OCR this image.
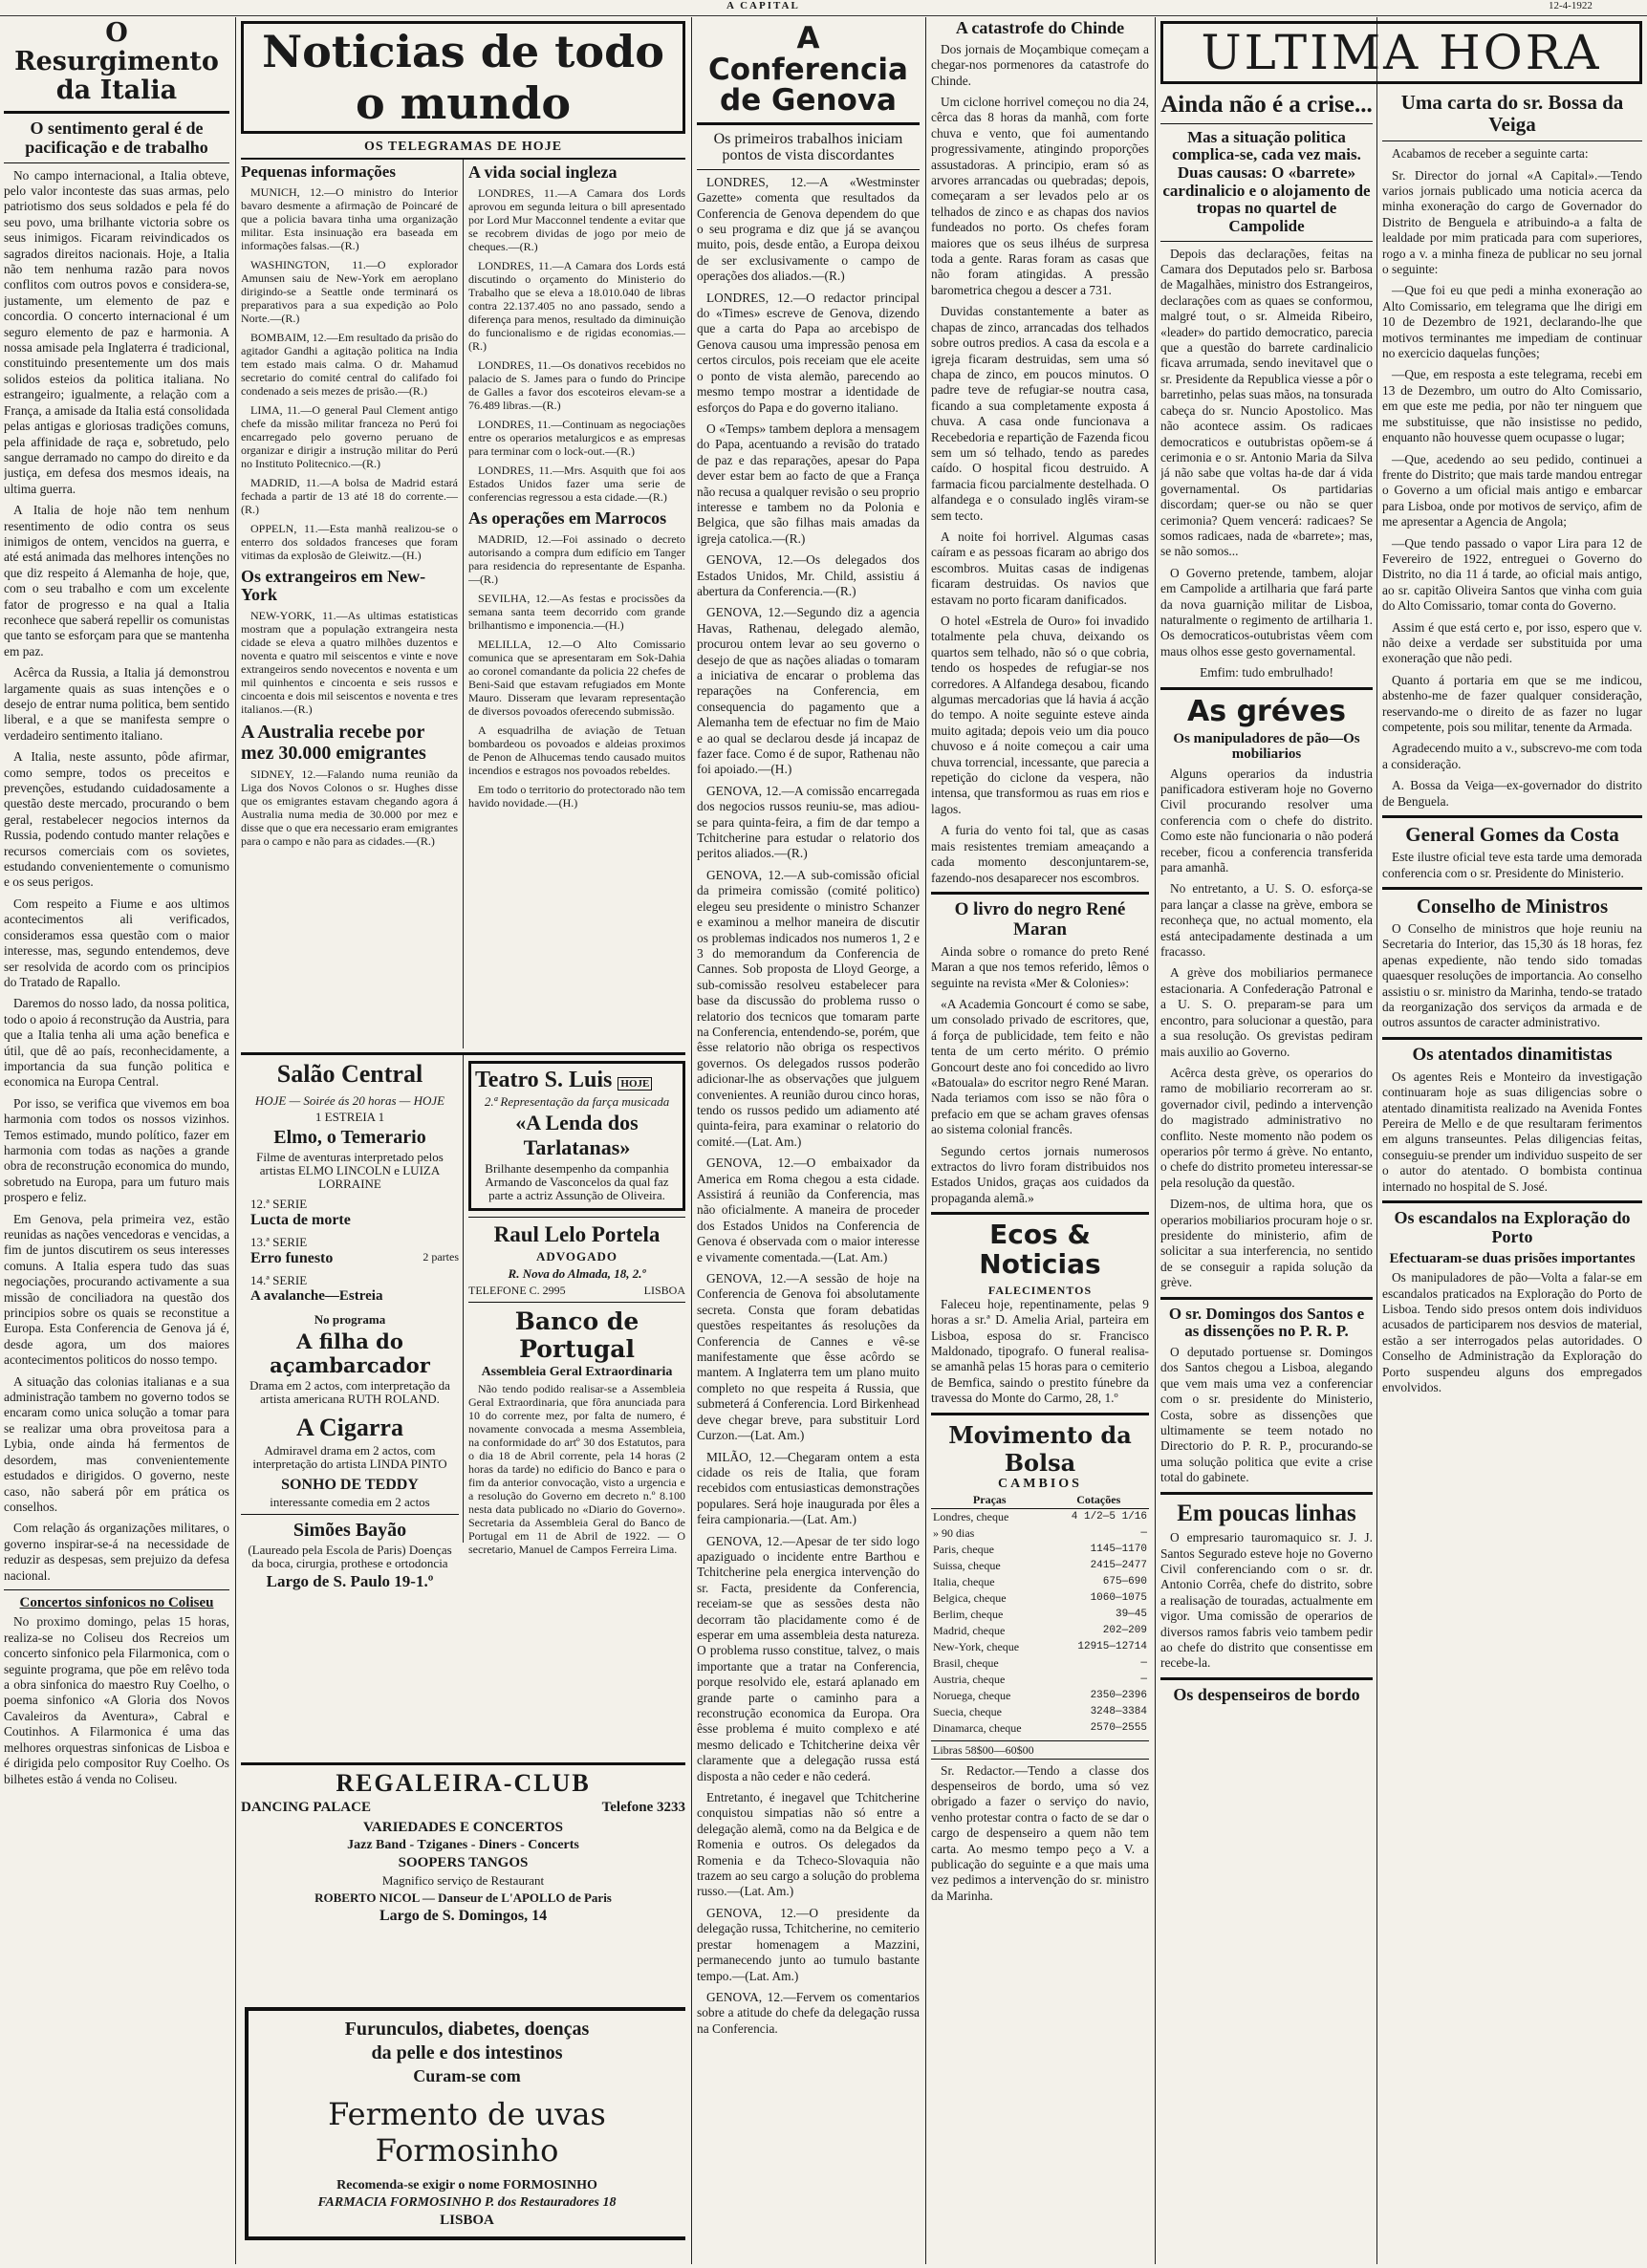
A CAPITAL	12-4-1922
O Resurgimento da Italia
O sentimento geral é de pacificação e de trabalho

No campo internacional, a Italia obteve, pelo valor inconteste das suas armas, pelo patriotismo dos seus soldados e pela fé do seu povo, uma brilhante victoria sobre os seus inimigos. Ficaram reivindicados os sagrados direitos nacionais. Hoje, a Italia não tem nenhuma razão para novos conflitos com outros povos e considera-se, justamente, um elemento de paz e concordia. O concerto internacional é um seguro elemento de paz e harmonia. A nossa amisade pela Inglaterra é tradicional, constituindo presentemente um dos mais solidos esteios da politica italiana. No estrangeiro; igualmente, a relação com a França, a amisade da Italia está consolidada pelas antigas e gloriosas tradições comuns, pela affinidade de raça e, sobretudo, pelo sangue derramado no campo do direito e da justiça, em defesa dos mesmos ideais, na ultima guerra.

A Italia de hoje não tem nenhum resentimento de odio contra os seus inimigos de ontem, vencidos na guerra, e até está animada das melhores intenções no que diz respeito á Alemanha de hoje, que, com o seu trabalho e com um excelente fator de progresso e na qual a Italia reconhece que saberá repellir os comunistas que tanto se esforçam para que se mantenha em paz.

Acêrca da Russia, a Italia já demonstrou largamente quais as suas intenções e o desejo de entrar numa politica, bem sentido liberal, e a que se manifesta sempre o verdadeiro sentimento italiano.

A Italia, neste assunto, pôde afirmar, como sempre, todos os preceitos e prevenções, estudando cuidadosamente a questão deste mercado, procurando o bem geral, restabelecer negocios internos da Russia, podendo contudo manter relações e recursos comerciais com os sovietes, estudando convenientemente o comunismo e os seus perigos.

Com respeito a Fiume e aos ultimos acontecimentos ali verificados, consideramos essa questão com o maior interesse, mas, segundo entendemos, deve ser resolvida de acordo com os principios do Tratado de Rapallo.

Daremos do nosso lado, da nossa politica, todo o apoio á reconstrução da Austria, para que a Italia tenha ali uma ação benefica e útil, que dê ao país, reconhecidamente, a importancia da sua função politica e economica na Europa Central.

Por isso, se verifica que vivemos em boa harmonia com todos os nossos vizinhos. Temos estimado, mundo político, fazer em harmonia com todas as nações a grande obra de reconstrução economica do mundo, sobretudo na Europa, para um futuro mais prospero e feliz.

Em Genova, pela primeira vez, estão reunidas as nações vencedoras e vencidas, a fim de juntos discutirem os seus interesses comuns. A Italia espera tudo das suas negociações, procurando activamente a sua missão de conciliadora na questão dos principios sobre os quais se reconstitue a Europa. Esta Conferencia de Genova já é, desde agora, um dos maiores acontecimentos politicos do nosso tempo.

A situação das colonias italianas e a sua administração tambem no governo todos se encaram como unica solução a tomar para se realizar uma obra proveitosa para a Lybia, onde ainda há fermentos de desordem, mas convenientemente estudados e dirigidos. O governo, neste caso, não saberá pôr em prática os conselhos.

Com relação ás organizações militares, o governo inspirar-se-á na necessidade de reduzir as despesas, sem prejuizo da defesa nacional.

Concertos sinfonicos no Coliseu

No proximo domingo, pelas 15 horas, realiza-se no Coliseu dos Recreios um concerto sinfonico pela Filarmonica, com o seguinte programa, que põe em relêvo toda a obra sinfonica do maestro Ruy Coelho, o poema sinfonico «A Gloria dos Novos Cavaleiros da Aventura», Cabral e Coutinhos. A Filarmonica é uma das melhores orquestras sinfonicas de Lisboa e é dirigida pelo compositor Ruy Coelho. Os bilhetes estão á venda no Coliseu.

Noticias de todo o mundo
OS TELEGRAMAS DE HOJE
Pequenas informações

MUNICH, 12.—O ministro do Interior bavaro desmente a afirmação de Poincaré de que a policia bavara tinha uma organização militar. Esta insinuação era baseada em informações falsas.—(R.)

WASHINGTON, 11.—O explorador Amunsen saiu de New-York em aeroplano dirigindo-se a Seattle onde terminará os preparativos para a sua expedição ao Polo Norte.—(R.)

BOMBAIM, 12.—Em resultado da prisão do agitador Gandhi a agitação politica na India tem estado mais calma. O dr. Mahamud secretario do comité central do califado foi condenado a seis mezes de prisão.—(R.)

LIMA, 11.—O general Paul Clement antigo chefe da missão militar franceza no Perú foi encarregado pelo governo peruano de organizar e dirigir a instrução militar do Perú no Instituto Politecnico.—(R.)

MADRID, 11.—A bolsa de Madrid estará fechada a partir de 13 até 18 do corrente.—(R.)

OPPELN, 11.—Esta manhã realizou-se o enterro dos soldados franceses que foram vitimas da explosão de Gleiwitz.—(H.)

Os extrangeiros em New-York

NEW-YORK, 11.—As ultimas estatisticas mostram que a população extrangeira nesta cidade se eleva a quatro milhões duzentos e noventa e quatro mil seiscentos e vinte e nove extrangeiros sendo novecentos e noventa e um mil quinhentos e cincoenta e seis russos e cincoenta e dois mil seiscentos e noventa e tres italianos.—(R.)

A Australia recebe por mez 30.000 emigrantes

SIDNEY, 12.—Falando numa reunião da Liga dos Novos Colonos o sr. Hughes disse que os emigrantes estavam chegando agora á Australia numa media de 30.000 por mez e disse que o que era necessario eram emigrantes para o campo e não para as cidades.—(R.)

A vida social ingleza

LONDRES, 11.—A Camara dos Lords aprovou em segunda leitura o bill apresentado por Lord Mur Macconnel tendente a evitar que se recobrem dividas de jogo por meio de cheques.—(R.)

LONDRES, 11.—A Camara dos Lords está discutindo o orçamento do Ministerio do Trabalho que se eleva a 18.010.040 de libras contra 22.137.405 no ano passado, sendo a diferença para menos, resultado da diminuição do funcionalismo e de rigidas economias.—(R.)

LONDRES, 11.—Os donativos recebidos no palacio de S. James para o fundo do Principe de Galles a favor dos escoteiros elevam-se a 76.489 libras.—(R.)

LONDRES, 11.—Continuam as negociações entre os operarios metalurgicos e as empresas para terminar com o lock-out.—(R.)

LONDRES, 11.—Mrs. Asquith que foi aos Estados Unidos fazer uma serie de conferencias regressou a esta cidade.—(R.)

As operações em Marrocos

MADRID, 12.—Foi assinado o decreto autorisando a compra dum edifício em Tanger para residencia do representante de Espanha.—(R.)

SEVILHA, 12.—As festas e procissões da semana santa teem decorrido com grande brilhantismo e imponencia.—(H.)

MELILLA, 12.—O Alto Comissario comunica que se apresentaram em Sok-Dahia ao coronel comandante da policia 22 chefes de Beni-Said que estavam refugiados em Monte Mauro. Disseram que levaram representação de diversos povoados oferecendo submissão.

A esquadrilha de aviação de Tetuan bombardeou os povoados e aldeias proximos de Penon de Alhucemas tendo causado muitos incendios e estragos nos povoados rebeldes.

Em todo o territorio do protectorado não tem havido novidade.—(H.)

Salão Central
HOJE — Soirée ás 20 horas — HOJE
1 ESTREIA 1
Elmo, o Temerario
Filme de aventuras interpretado pelos artistas ELMO LINCOLN e LUIZA LORRAINE
12.ª SERIE
Lucta de morte
13.ª SERIE
Erro funesto	2 partes
14.ª SERIE
A avalanche—Estreia
No programa
A filha do açambarcador
Drama em 2 actos, com interpretação da artista americana RUTH ROLAND.
A Cigarra
Admiravel drama em 2 actos, com interpretação do artista LINDA PINTO
SONHO DE TEDDY
interessante comedia em 2 actos
Simões Bayão
(Laureado pela Escola de Paris) Doenças da boca, cirurgia, prothese e ortodoncia
Largo de S. Paulo 19-1.º
Teatro S. Luis HOJE
2.ª Representação da farça musicada
«A Lenda dos Tarlatanas»
Brilhante desempenho da companhia Armando de Vasconcelos da qual faz parte a actriz Assunção de Oliveira.
Raul Lelo Portela
ADVOGADO
R. Nova do Almada, 18, 2.º
TELEFONE C. 2995	LISBOA
Banco de Portugal
Assembleia Geral Extraordinaria

Não tendo podido realisar-se a Assembleia Geral Extraordinaria, que fôra anunciada para 10 do corrente mez, por falta de numero, é novamente convocada a mesma Assembleia, na conformidade do artº 30 dos Estatutos, para o dia 18 de Abril corrente, pela 14 horas (2 horas da tarde) no edificio do Banco e para o fim da anterior convocação, visto a urgencia e a resolução do Governo em decreto n.º 8.100 nesta data publicado no «Diario do Governo». Secretaria da Assembleia Geral do Banco de Portugal em 11 de Abril de 1922. — O secretario, Manuel de Campos Ferreira Lima.

REGALEIRA-CLUB
DANCING PALACE	Telefone 3233
VARIEDADES E CONCERTOS
Jazz Band - Tziganes - Diners - Concerts
SOOPERS TANGOS
Magnifico serviço de Restaurant
ROBERTO NICOL — Danseur de L'APOLLO de Paris
Largo de S. Domingos, 14
Furunculos, diabetes, doenças
da pelle e dos intestinos
Curam-se com
Fermento de uvas Formosinho
Recomenda-se exigir o nome FORMOSINHO
FARMACIA FORMOSINHO P. dos Restauradores 18
LISBOA
A Conferencia de Genova
Os primeiros trabalhos iniciam pontos de vista discordantes

LONDRES, 12.—A «Westminster Gazette» comenta que resultados da Conferencia de Genova dependem do que o seu programa e diz que já se avançou muito, pois, desde então, a Europa deixou de ser exclusivamente o campo de operações dos aliados.—(R.)

LONDRES, 12.—O redactor principal do «Times» escreve de Genova, dizendo que a carta do Papa ao arcebispo de Genova causou uma impressão penosa em certos circulos, pois receiam que ele aceite o ponto de vista alemão, parecendo ao mesmo tempo mostrar a identidade de esforços do Papa e do governo italiano.

O «Temps» tambem deplora a mensagem do Papa, acentuando a revisão do tratado de paz e das reparações, apesar do Papa dever estar bem ao facto de que a França não recusa a qualquer revisão o seu proprio interesse e tambem no da Polonia e Belgica, que são filhas mais amadas da igreja catolica.—(R.)

GENOVA, 12.—Os delegados dos Estados Unidos, Mr. Child, assistiu á abertura da Conferencia.—(R.)

GENOVA, 12.—Segundo diz a agencia Havas, Rathenau, delegado alemão, procurou ontem levar ao seu governo o desejo de que as nações aliadas o tomaram a iniciativa de encarar o problema das reparações na Conferencia, em consequencia do pagamento que a Alemanha tem de efectuar no fim de Maio e ao qual se declarou desde já incapaz de fazer face. Como é de supor, Rathenau não foi apoiado.—(H.)

GENOVA, 12.—A comissão encarregada dos negocios russos reuniu-se, mas adiou-se para quinta-feira, a fim de dar tempo a Tchitcherine para estudar o relatorio dos peritos aliados.—(R.)

GENOVA, 12.—A sub-comissão oficial da primeira comissão (comité politico) elegeu seu presidente o ministro Schanzer e examinou a melhor maneira de discutir os problemas indicados nos numeros 1, 2 e 3 do memorandum da Conferencia de Cannes. Sob proposta de Lloyd George, a sub-comissão resolveu estabelecer para base da discussão do problema russo o relatorio dos tecnicos que tomaram parte na Conferencia, entendendo-se, porém, que êsse relatorio não obriga os respectivos governos. Os delegados russos poderão adicionar-lhe as observações que julguem convenientes. A reunião durou cinco horas, tendo os russos pedido um adiamento até quinta-feira, para examinar o relatorio do comité.—(Lat. Am.)

GENOVA, 12.—O embaixador da America em Roma chegou a esta cidade. Assistirá á reunião da Conferencia, mas não oficialmente. A maneira de proceder dos Estados Unidos na Conferencia de Genova é observada com o maior interesse e vivamente comentada.—(Lat. Am.)

GENOVA, 12.—A sessão de hoje na Conferencia de Genova foi absolutamente secreta. Consta que foram debatidas questões respeitantes ás resoluções da Conferencia de Cannes e vê-se manifestamente que êsse acôrdo se mantem. A Inglaterra tem um plano muito completo no que respeita á Russia, que submeterá á Conferencia. Lord Birkenhead deve chegar breve, para substituir Lord Curzon.—(Lat. Am.)

MILÃO, 12.—Chegaram ontem a esta cidade os reis de Italia, que foram recebidos com entusiasticas demonstrações populares. Será hoje inaugurada por êles a feira campionaria.—(Lat. Am.)

GENOVA, 12.—Apesar de ter sido logo apaziguado o incidente entre Barthou e Tchitcherine pela energica intervenção do sr. Facta, presidente da Conferencia, receiam-se que as sessões desta não decorram tão placidamente como é de esperar em uma assembleia desta natureza. O problema russo constitue, talvez, o mais importante que a tratar na Conferencia, porque resolvido ele, estará aplanado em grande parte o caminho para a reconstrução economica da Europa. Ora êsse problema é muito complexo e até mesmo delicado e Tchitcherine deixa vêr claramente que a delegação russa está disposta a não ceder e não cederá.

Entretanto, é inegavel que Tchitcherine conquistou simpatias não só entre a delegação alemã, como na da Belgica e de Romenia e outros. Os delegados da Romenia e da Tcheco-Slovaquia não trazem ao seu cargo a solução do problema russo.—(Lat. Am.)

GENOVA, 12.—O presidente da delegação russa, Tchitcherine, no cemiterio prestar homenagem a Mazzini, permanecendo junto ao tumulo bastante tempo.—(Lat. Am.)

GENOVA, 12.—Fervem os comentarios sobre a atitude do chefe da delegação russa na Conferencia.

A catastrofe do Chinde

Dos jornais de Moçambique começam a chegar-nos pormenores da catastrofe do Chinde.

Um ciclone horrivel começou no dia 24, cêrca das 8 horas da manhã, com forte chuva e vento, que foi aumentando progressivamente, atingindo proporções assustadoras. A principio, eram só as arvores arrancadas ou quebradas; depois, começaram a ser levados pelo ar os telhados de zinco e as chapas dos navios fundeados no porto. Os chefes foram maiores que os seus ilhéus de surpresa toda a gente. Raras foram as casas que não foram atingidas. A pressão barometrica chegou a descer a 731.

Duvidas constantemente a bater as chapas de zinco, arrancadas dos telhados sobre outros predios. A casa da escola e a igreja ficaram destruidas, sem uma só chapa de zinco, em poucos minutos. O padre teve de refugiar-se noutra casa, ficando a sua completamente exposta á chuva. A casa onde funcionava a Recebedoria e repartição de Fazenda ficou sem um só telhado, tendo as paredes caído. O hospital ficou destruido. A farmacia ficou parcialmente destelhada. O alfandega e o consulado inglês viram-se sem tecto.

A noite foi horrivel. Algumas casas caíram e as pessoas ficaram ao abrigo dos escombros. Muitas casas de indigenas ficaram destruidas. Os navios que estavam no porto ficaram danificados.

O hotel «Estrela de Ouro» foi invadido totalmente pela chuva, deixando os quartos sem telhado, não só o que cobria, tendo os hospedes de refugiar-se nos corredores. A Alfandega desabou, ficando algumas mercadorias que lá havia á acção do tempo. A noite seguinte esteve ainda muito agitada; depois veio um dia pouco chuvoso e á noite começou a cair uma chuva torrencial, incessante, que parecia a repetição do ciclone da vespera, não intensa, que transformou as ruas em rios e lagos.

A furia do vento foi tal, que as casas mais resistentes tremiam ameaçando a cada momento desconjuntarem-se, fazendo-nos desaparecer nos escombros.

O livro do negro René Maran

Ainda sobre o romance do preto René Maran a que nos temos referido, lêmos o seguinte na revista «Mer & Colonies»:

«A Academia Goncourt é como se sabe, um consolado privado de escritores, que, á força de publicidade, tem feito e não tenta de um certo mérito. O prémio Goncourt deste ano foi concedido ao livro «Batouala» do escritor negro René Maran. Nada teriamos com isso se não fôra o prefacio em que se acham graves ofensas ao sistema colonial francês.

Segundo certos jornais numerosos extractos do livro foram distribuidos nos Estados Unidos, graças aos cuidados da propaganda alemã.»

Ecos & Noticias
FALECIMENTOS

Faleceu hoje, repentinamente, pelas 9 horas a sr.ª D. Amelia Arial, parteira em Lisboa, esposa do sr. Francisco Maldonado, tipografo. O funeral realisa-se amanhã pelas 15 horas para o cemiterio de Bemfica, saindo o prestito fúnebre da travessa do Monte do Carmo, 28, 1.º

Movimento da Bolsa
CAMBIOS
Praças	Cotações
Londres, cheque	4 1/2—5 1/16
» 90 dias	—
Paris, cheque	1145—1170
Suissa, cheque	2415—2477
Italia, cheque	675—690
Belgica, cheque	1060—1075
Berlim, cheque	39—45
Madrid, cheque	202—209
New-York, cheque	12915—12714
Brasil, cheque	—
Austria, cheque	—
Noruega, cheque	2350—2396
Suecia, cheque	3248—3384
Dinamarca, cheque	2570—2555
Libras 58$00—60$00

Sr. Redactor.—Tendo a classe dos despenseiros de bordo, uma só vez obrigado a fazer o serviço do navio, venho protestar contra o facto de se dar o cargo de despenseiro a quem não tem carta. Ao mesmo tempo peço a V. a publicação do seguinte e a que mais uma vez pedimos a intervenção do sr. ministro da Marinha.

ULTIMA HORA
Ainda não é a crise...
Mas a situação politica complica-se, cada vez mais. Duas causas: O «barrete» cardinalicio e o alojamento de tropas no quartel de Campolide

Depois das declarações, feitas na Camara dos Deputados pelo sr. Barbosa de Magalhães, ministro dos Estrangeiros, declarações com as quaes se conformou, malgré tout, o sr. Almeida Ribeiro, «leader» do partido democratico, parecia que a questão do barrete cardinalicio ficava arrumada, sendo inevitavel que o sr. Presidente da Republica viesse a pôr o barretinho, pelas suas mãos, na tonsurada cabeça do sr. Nuncio Apostolico. Mas não acontece assim. Os radicaes democraticos e outubristas opõem-se á cerimonia e o sr. Antonio Maria da Silva já não sabe que voltas ha-de dar á vida governamental. Os partidarias discordam; quer-se ou não se quer cerimonia? Quem vencerá: radicaes? Se somos radicaes, nada de «barrete»; mas, se não somos...

O Governo pretende, tambem, alojar em Campolide a artilharia que fará parte da nova guarnição militar de Lisboa, naturalmente o regimento de artilharia 1. Os democraticos-outubristas vêem com maus olhos esse gesto governamental.

Emfim: tudo embrulhado!

As gréves
Os manipuladores de pão—Os mobiliarios

Alguns operarios da industria panificadora estiveram hoje no Governo Civil procurando resolver uma conferencia com o chefe do distrito. Como este não funcionaria o não poderá receber, ficou a conferencia transferida para amanhã.

No entretanto, a U. S. O. esforça-se para lançar a classe na grève, embora se reconheça que, no actual momento, ela está antecipadamente destinada a um fracasso.

A grève dos mobiliarios permanece estacionaria. A Confederação Patronal e a U. S. O. preparam-se para um encontro, para solucionar a questão, para a sua resolução. Os grevistas pediram mais auxilio ao Governo.

Acêrca desta grève, os operarios do ramo de mobiliario recorreram ao sr. governador civil, pedindo a intervenção do magistrado administrativo no conflito. Neste momento não podem os operarios pôr termo á grève. No entanto, o chefe do distrito prometeu interessar-se pela resolução da questão.

Dizem-nos, de ultima hora, que os operarios mobiliarios procuram hoje o sr. presidente do ministerio, afim de solicitar a sua interferencia, no sentido de se conseguir a rapida solução da grève.

O sr. Domingos dos Santos e as dissenções no P. R. P.

O deputado portuense sr. Domingos dos Santos chegou a Lisboa, alegando que vem mais uma vez a conferenciar com o sr. presidente do Ministerio, Costa, sobre as dissenções que ultimamente se teem notado no Directorio do P. R. P., procurando-se uma solução politica que evite a crise total do gabinete.

Em poucas linhas

O empresario tauromaquico sr. J. J. Santos Segurado esteve hoje no Governo Civil conferenciando com o sr. dr. Antonio Corrêa, chefe do distrito, sobre a realisação de touradas, actualmente em vigor. Uma comissão de operarios de diversos ramos fabris veio tambem pedir ao chefe do distrito que consentisse em recebe-la.

Os despenseiros de bordo
Uma carta do sr. Bossa da Veiga

Acabamos de receber a seguinte carta:

Sr. Director do jornal «A Capital».—Tendo varios jornais publicado uma noticia acerca da minha exoneração do cargo de Governador do Distrito de Benguela e atribuindo-a a falta de lealdade por mim praticada para com superiores, rogo a v. a minha fineza de publicar no seu jornal o seguinte:

—Que foi eu que pedi a minha exoneração ao Alto Comissario, em telegrama que lhe dirigi em 10 de Dezembro de 1921, declarando-lhe que motivos terminantes me impediam de continuar no exercicio daquelas funções;

—Que, em resposta a este telegrama, recebi em 13 de Dezembro, um outro do Alto Comissario, em que este me pedia, por não ter ninguem que me substituisse, que não insistisse no pedido, enquanto não houvesse quem ocupasse o lugar;

—Que, acedendo ao seu pedido, continuei a frente do Distrito; que mais tarde mandou entregar o Governo a um oficial mais antigo e embarcar para Lisboa, onde por motivos de serviço, afim de me apresentar a Agencia de Angola;

—Que tendo passado o vapor Lira para 12 de Fevereiro de 1922, entreguei o Governo do Distrito, no dia 11 á tarde, ao oficial mais antigo, ao sr. capitão Oliveira Santos que vinha com guia do Alto Comissario, tomar conta do Governo.

Assim é que está certo e, por isso, espero que v. não deixe a verdade ser substituida por uma exoneração que não pedi.

Quanto á portaria em que se me indicou, abstenho-me de fazer qualquer consideração, reservando-me o direito de as fazer no lugar competente, pois sou militar, tenente da Armada.

Agradecendo muito a v., subscrevo-me com toda a consideração.

A. Bossa da Veiga—ex-governador do distrito de Benguela.

General Gomes da Costa

Este ilustre oficial teve esta tarde uma demorada conferencia com o sr. Presidente do Ministerio.

Conselho de Ministros

O Conselho de ministros que hoje reuniu na Secretaria do Interior, das 15,30 ás 18 horas, fez apenas expediente, não tendo sido tomadas quaesquer resoluções de importancia. Ao conselho assistiu o sr. ministro da Marinha, tendo-se tratado da reorganização dos serviços da armada e de outros assuntos de caracter administrativo.

Os atentados dinamitistas

Os agentes Reis e Monteiro da investigação continuaram hoje as suas diligencias sobre o atentado dinamitista realizado na Avenida Fontes Pereira de Mello e de que resultaram ferimentos em alguns transeuntes. Pelas diligencias feitas, conseguiu-se prender um individuo suspeito de ser o autor do atentado. O bombista continua internado no hospital de S. José.

Os escandalos na Exploração do Porto
Efectuaram-se duas prisões importantes

Os manipuladores de pão—Volta a falar-se em escandalos praticados na Exploração do Porto de Lisboa. Tendo sido presos ontem dois individuos acusados de participarem nos desvios de material, estão a ser interrogados pelas autoridades. O Conselho de Administração da Exploração do Porto suspendeu alguns dos empregados envolvidos.
